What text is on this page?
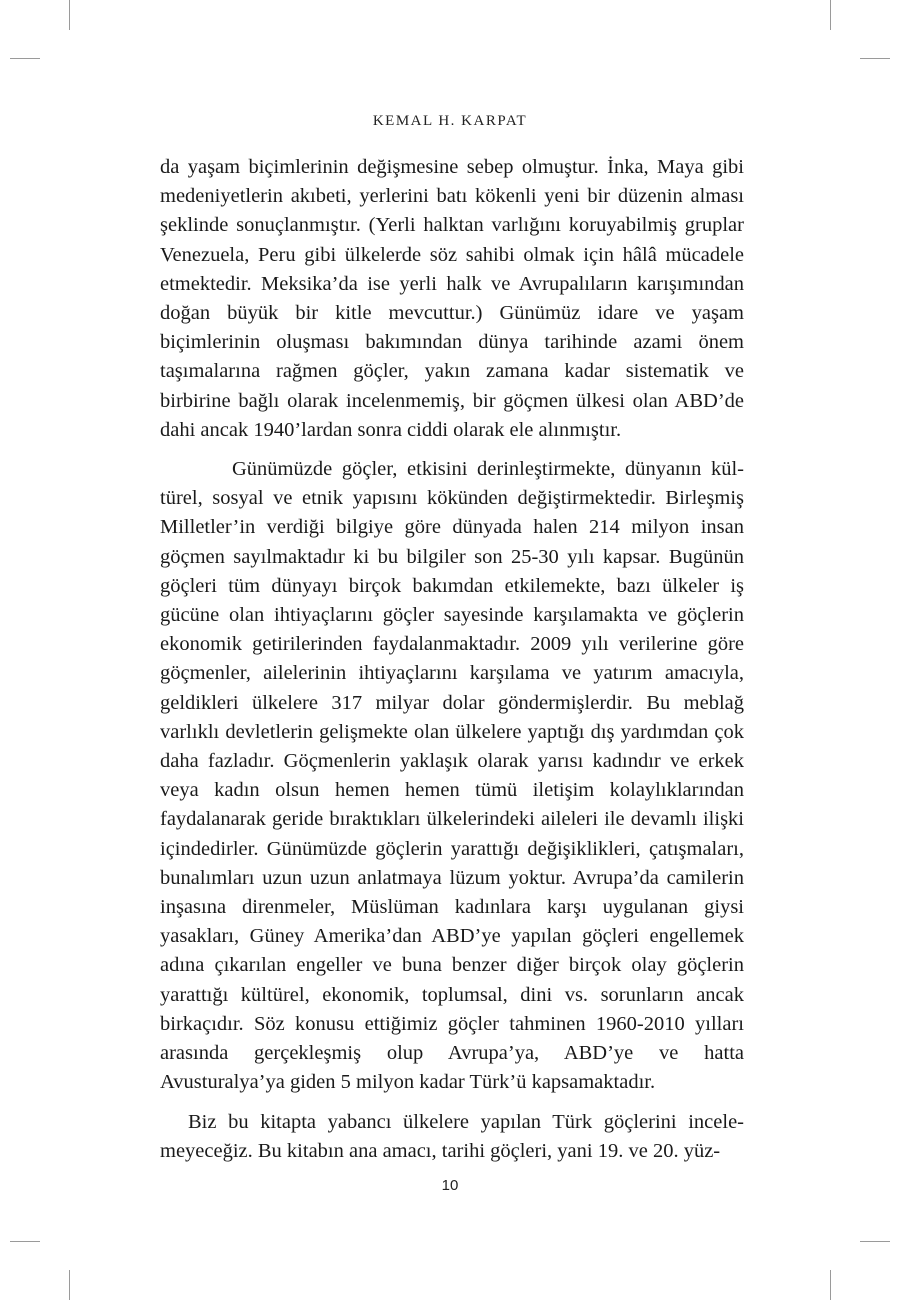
KEMAL H. KARPAT

da yaşam biçimlerinin değişmesine sebep olmuştur. İnka, Maya gibi medeniyetlerin akıbeti, yerlerini batı kökenli yeni bir düzenin alması şeklinde sonuçlanmıştır. (Yerli halktan varlığını koruyabilmiş gruplar Venezuela, Peru gibi ülkelerde söz sahibi olmak için hâlâ mücadele etmektedir. Meksika’da ise yerli halk ve Avrupalıların karışımından doğan büyük bir kitle mevcuttur.) Günümüz idare ve yaşam biçimlerinin oluşması bakımından dünya tarihinde azami önem taşımalarına rağmen göçler, yakın zamana kadar sistematik ve birbirine bağlı olarak incelenmemiş, bir göçmen ülkesi olan ABD’de dahi ancak 1940’lardan sonra ciddi olarak ele alınmıştır.

Günümüzde göçler, etkisini derinleştirmekte, dünyanın kültürel, sosyal ve etnik yapısını kökünden değiştirmektedir. Birleşmiş Milletler’in verdiği bilgiye göre dünyada halen 214 milyon insan göçmen sayılmaktadır ki bu bilgiler son 25-30 yılı kapsar. Bugünün göçleri tüm dünyayı birçok bakımdan etkilemekte, bazı ülkeler iş gücüne olan ihtiyaçlarını göçler sayesinde karşılamakta ve göçlerin ekonomik getirilerinden faydalanmaktadır. 2009 yılı verilerine göre göçmenler, ailelerinin ihtiyaçlarını karşılama ve yatırım amacıyla, geldikleri ülkelere 317 milyar dolar göndermişlerdir. Bu meblağ varlıklı devletlerin gelişmekte olan ülkelere yaptığı dış yardımdan çok daha fazladır. Göçmenlerin yaklaşık olarak yarısı kadındır ve erkek veya kadın olsun hemen hemen tümü iletişim kolaylıklarından faydalanarak geride bıraktıkları ülkelerindeki aileleri ile devamlı ilişki içindedirler. Günümüzde göçlerin yarattığı değişiklikleri, çatışmaları, bunalımları uzun uzun anlatmaya lüzum yoktur. Avrupa’da camilerin inşasına direnmeler, Müslüman kadınlara karşı uygulanan giysi yasakları, Güney Amerika’dan ABD’ye yapılan göçleri engellemek adına çıkarılan engeller ve buna benzer diğer birçok olay göçlerin yarattığı kültürel, ekonomik, toplumsal, dini vs. sorunların ancak birkaçıdır. Söz konusu ettiğimiz göçler tahminen 1960-2010 yılları arasında gerçekleşmiş olup Avrupa’ya, ABD’ye ve hatta Avusturalya’ya giden 5 milyon kadar Türk’ü kapsamaktadır.

Biz bu kitapta yabancı ülkelere yapılan Türk göçlerini incelemeyeceğiz. Bu kitabın ana amacı, tarihi göçleri, yani 19. ve 20. yüz-

10
